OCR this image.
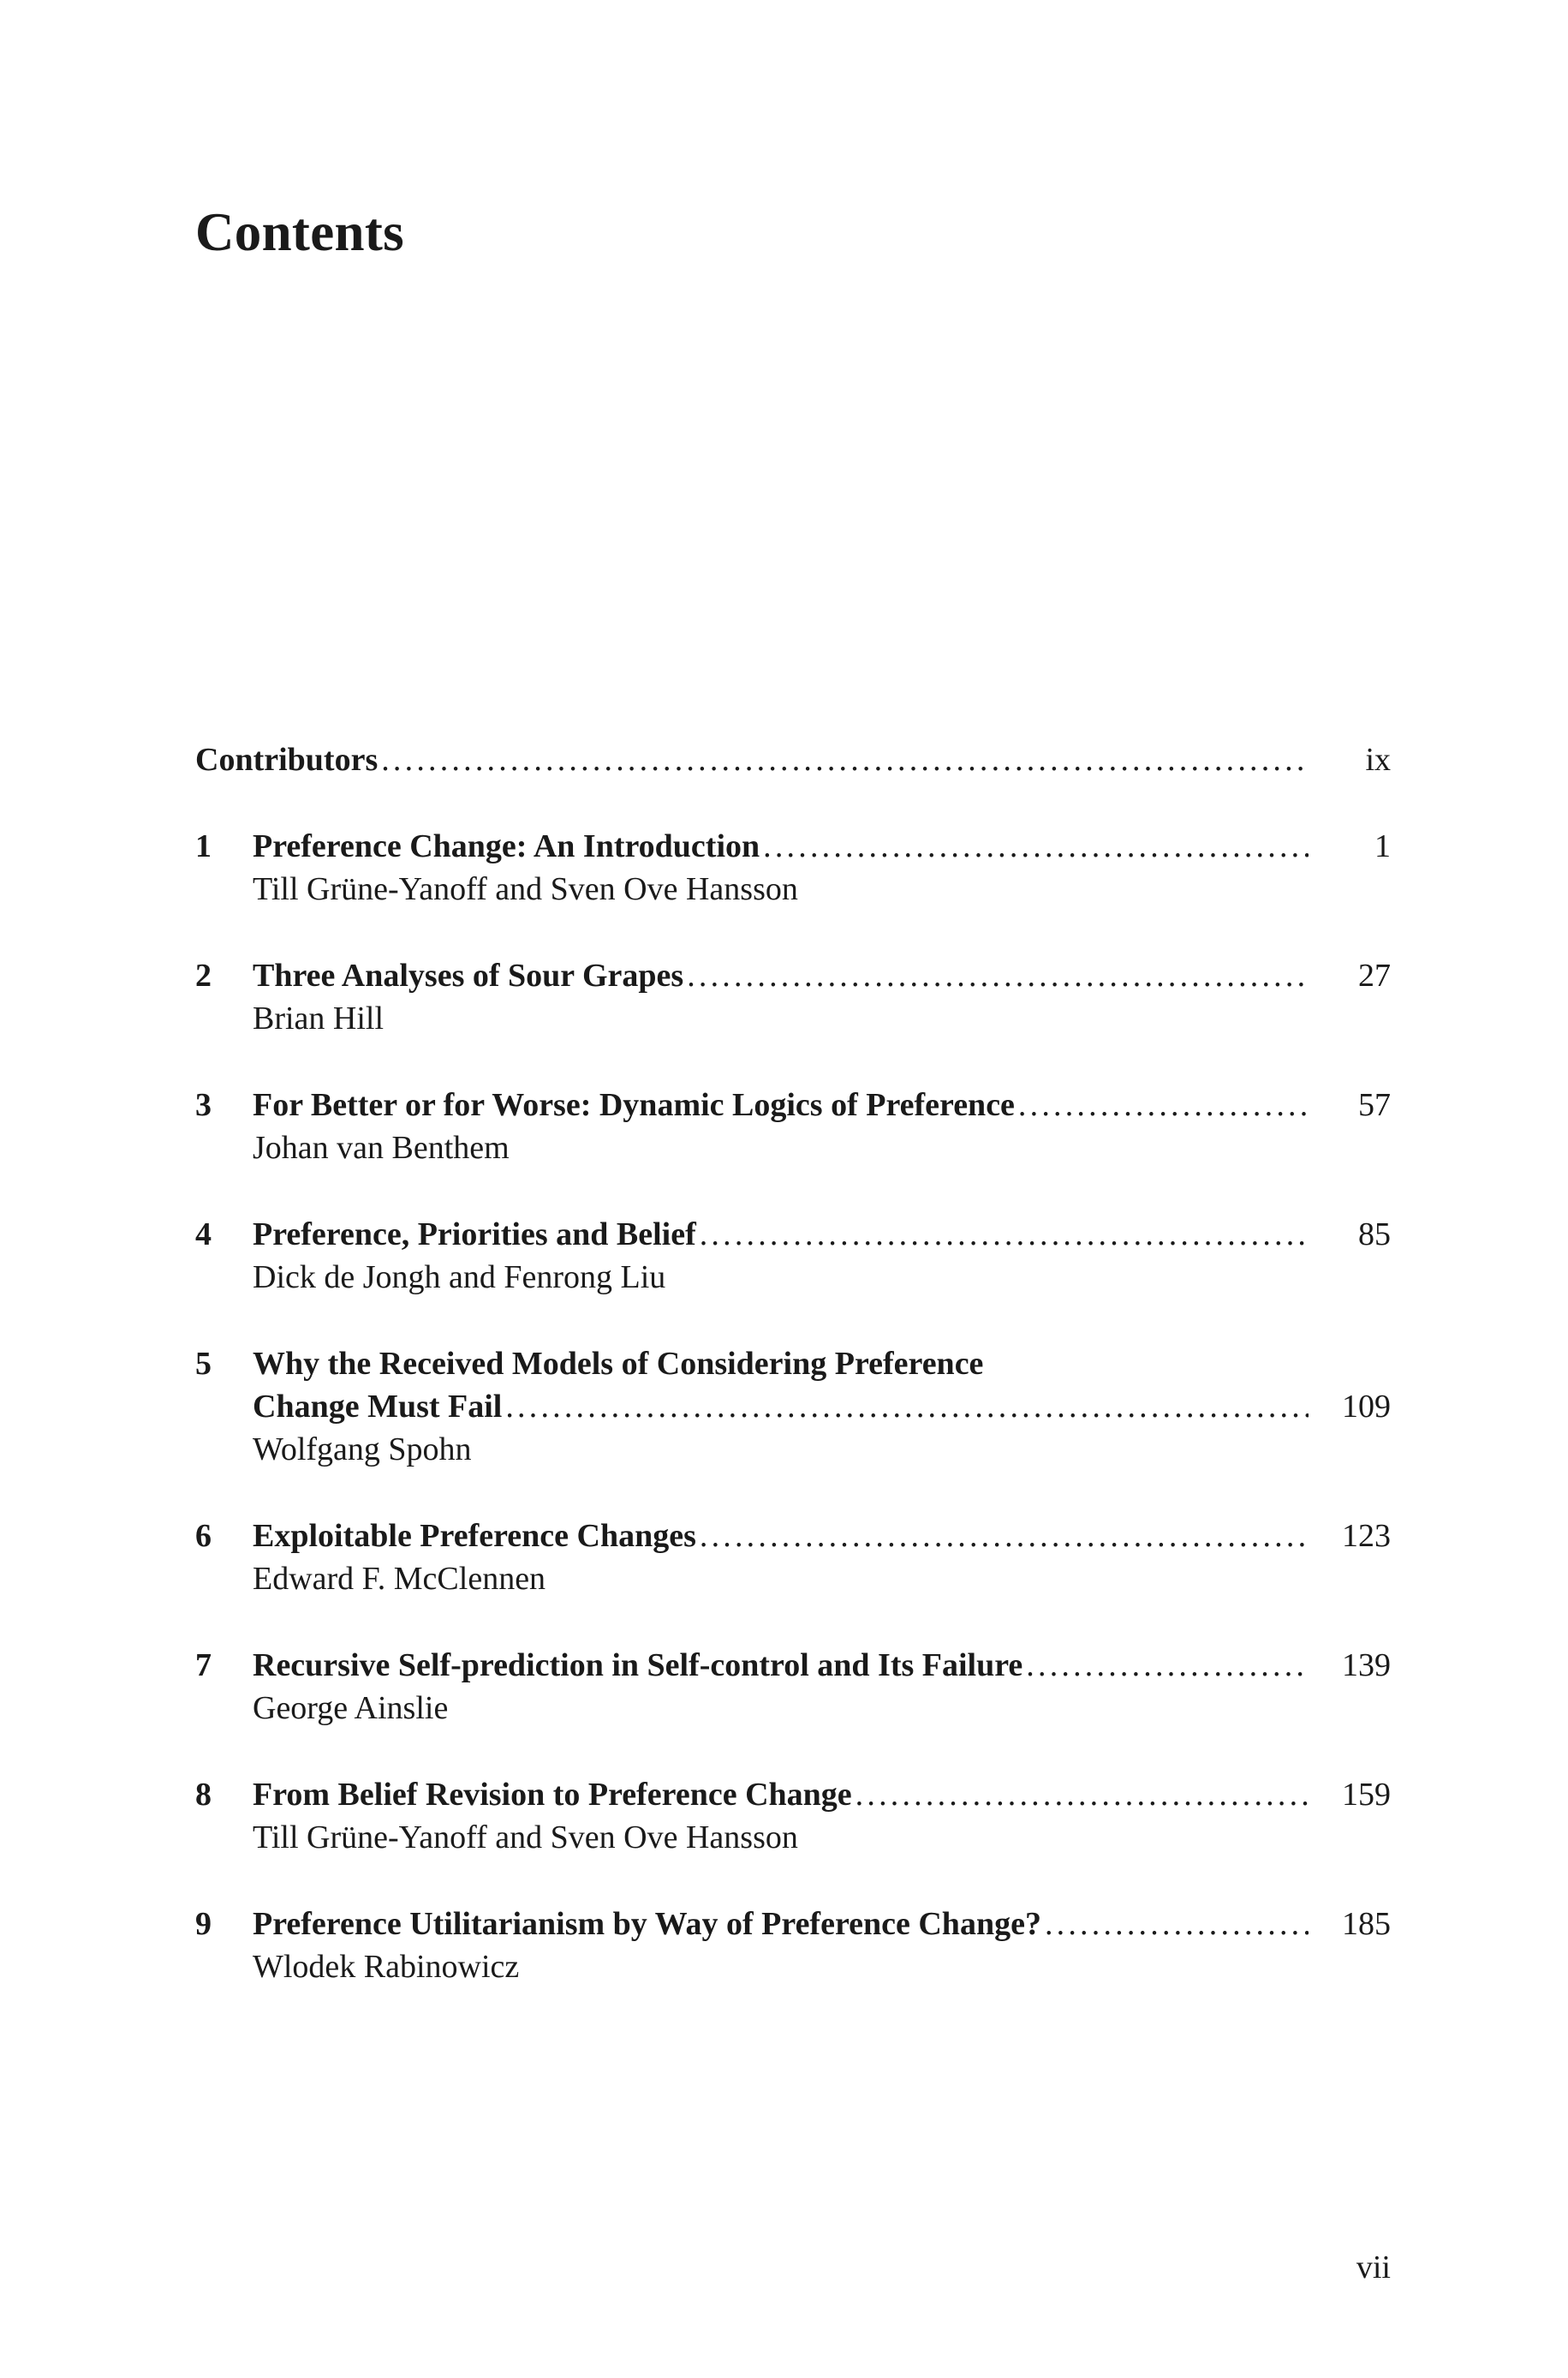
Contents
Contributors .....	ix
1	Preference Change: An Introduction .....	1
Till Grüne-Yanoff and Sven Ove Hansson
2	Three Analyses of Sour Grapes .....	27
Brian Hill
3	For Better or for Worse: Dynamic Logics of Preference .....	57
Johan van Benthem
4	Preference, Priorities and Belief .....	85
Dick de Jongh and Fenrong Liu
5	Why the Received Models of Considering Preference
Change Must Fail .....	109
Wolfgang Spohn
6	Exploitable Preference Changes .....	123
Edward F. McClennen
7	Recursive Self-prediction in Self-control and Its Failure .....	139
George Ainslie
8	From Belief Revision to Preference Change .....	159
Till Grüne-Yanoff and Sven Ove Hansson
9	Preference Utilitarianism by Way of Preference Change? .....	185
Wlodek Rabinowicz
vii
